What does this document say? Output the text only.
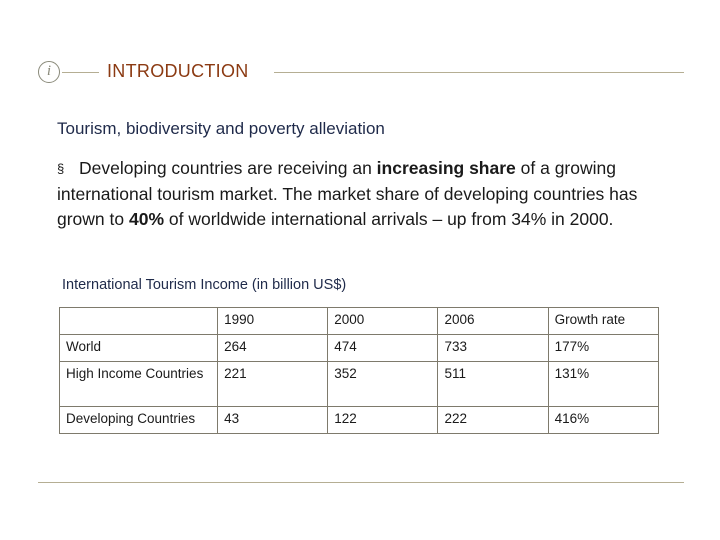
i	INTRODUCTION
Tourism, biodiversity and poverty alleviation
§ Developing countries are receiving an increasing share of a growing international tourism market. The market share of developing countries has grown to 40% of worldwide international arrivals – up from 34% in 2000.
International Tourism Income (in billion US$)
	1990	2000	2006	Growth rate
World	264	474	733	177%
High Income Countries	221	352	511	131%
Developing Countries	43	122	222	416%
